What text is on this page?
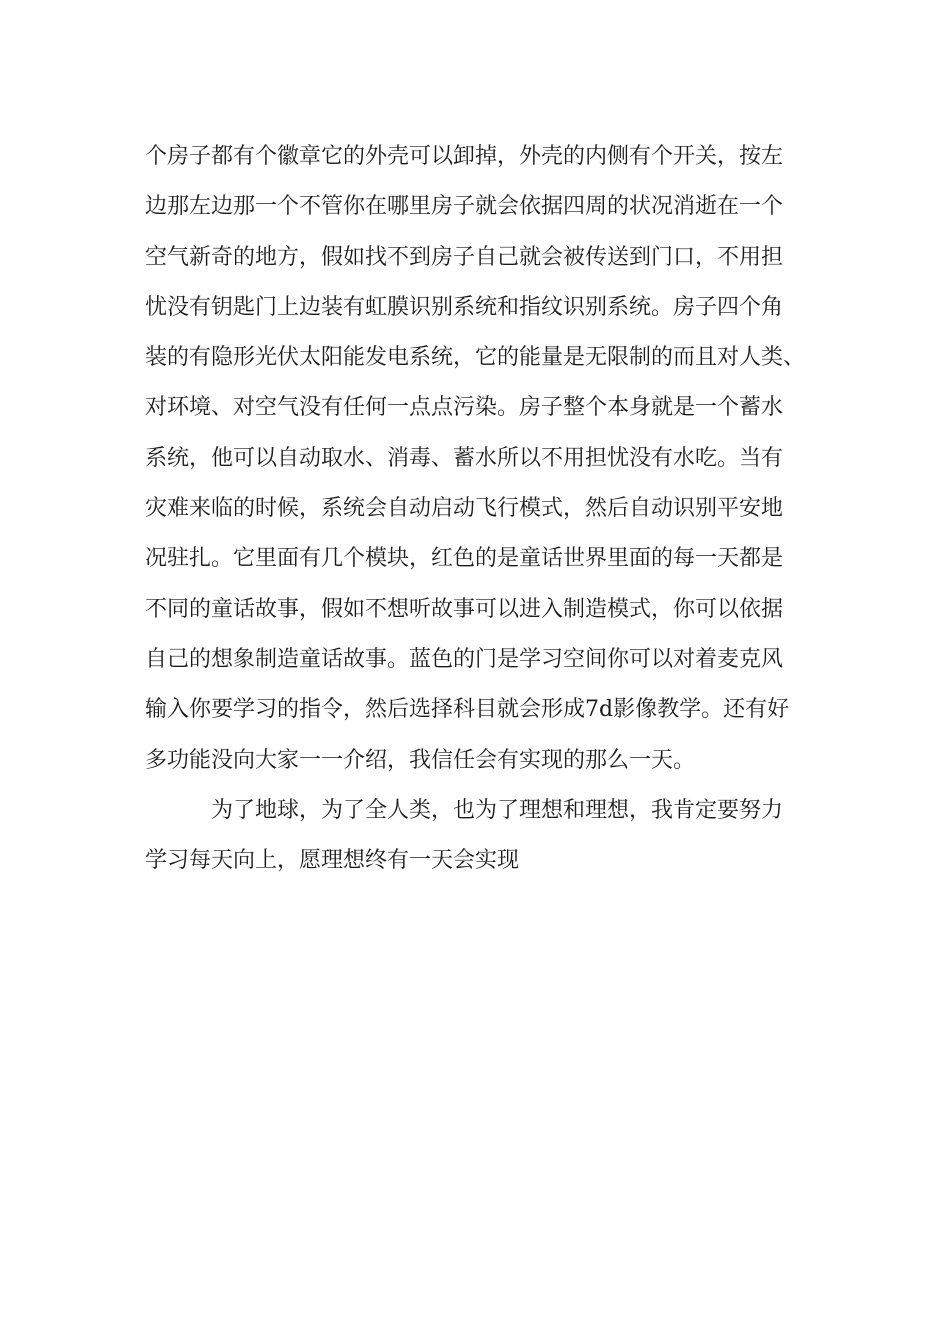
个房子都有个徽章它的外壳可以卸掉，外壳的内侧有个开关，按左
边那左边那一个不管你在哪里房子就会依据四周的状况消逝在一个
空气新奇的地方，假如找不到房子自己就会被传送到门口，不用担
忧没有钥匙门上边装有虹膜识别系统和指纹识别系统。房子四个角
装的有隐形光伏太阳能发电系统，它的能量是无限制的而且对人类、
对环境、对空气没有任何一点点污染。房子整个本身就是一个蓄水
系统，他可以自动取水、消毒、蓄水所以不用担忧没有水吃。当有
灾难来临的时候，系统会自动启动飞行模式，然后自动识别平安地
况驻扎。它里面有几个模块，红色的是童话世界里面的每一天都是
不同的童话故事，假如不想听故事可以进入制造模式，你可以依据
自己的想象制造童话故事。蓝色的门是学习空间你可以对着麦克风
输入你要学习的指令，然后选择科目就会形成7d影像教学。还有好
多功能没向大家一一介绍，我信任会有实现的那么一天。
为了地球，为了全人类，也为了理想和理想，我肯定要努力
学习每天向上，愿理想终有一天会实现
